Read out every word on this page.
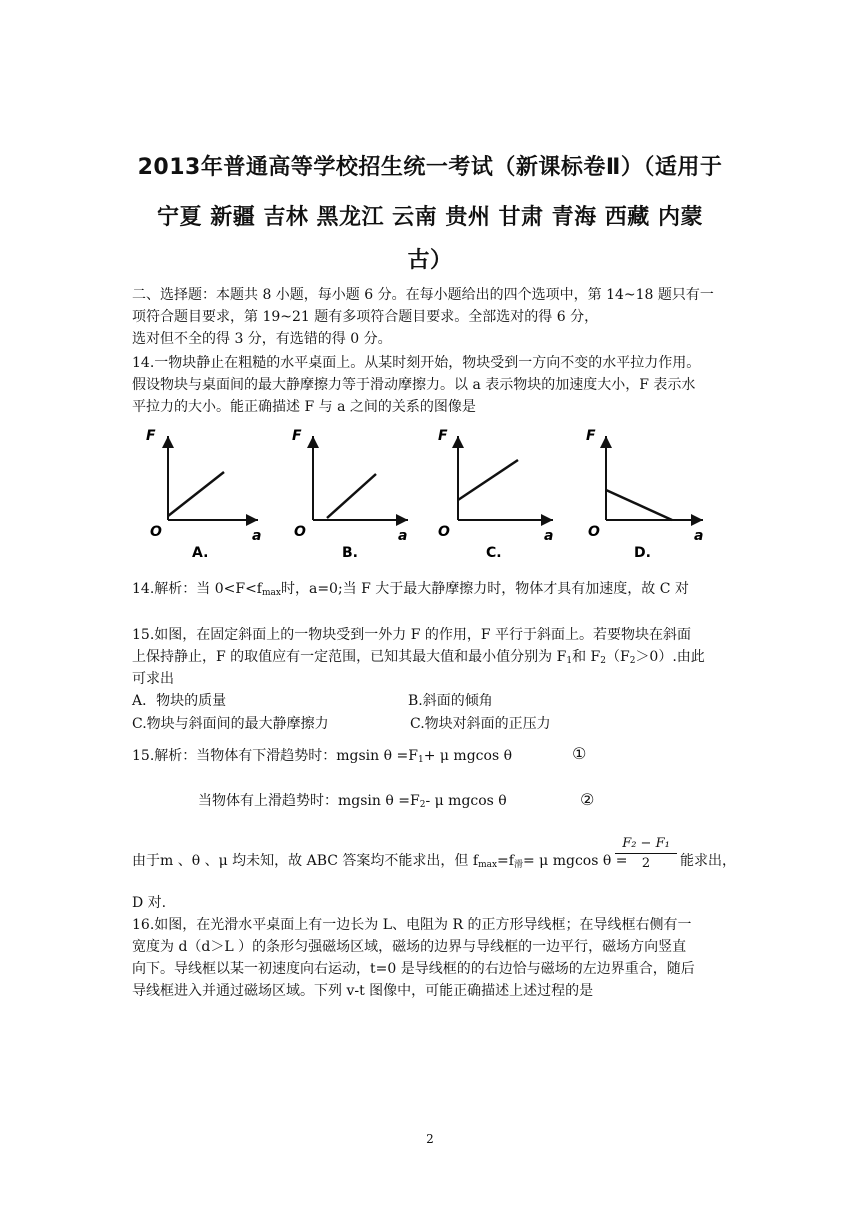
2013年普通高等学校招生统一考试（新课标卷Ⅱ）（适用于
宁夏 新疆 吉林 黑龙江 云南 贵州 甘肃 青海 西藏 内蒙
古）
二、选择题：本题共 8 小题，每小题 6 分。在每小题给出的四个选项中，第 14~18 题只有一
项符合题目要求，第 19~21 题有多项符合题目要求。全部选对的得 6 分，
选对但不全的得 3 分，有选错的得 0 分。
14.一物块静止在粗糙的水平桌面上。从某时刻开始，物块受到一方向不变的水平拉力作用。
假设物块与桌面间的最大静摩擦力等于滑动摩擦力。以 a 表示物块的加速度大小，F 表示水
平拉力的大小。能正确描述 F 与 a 之间的关系的图像是
F
O	a
A.
F
O	a
B.
F
O	a
C.
F
O	a
D.
14.解析：当 $0<F<f_{max}$时，a=0;当 F 大于最大静摩擦力时，物体才具有加速度，故 C 对
15.如图，在固定斜面上的一物块受到一外力 F 的作用，F 平行于斜面上。若要物块在斜面
上保持静止，F 的取值应有一定范围，已知其最大值和最小值分别为 $F_1$和 $F_2(F_2>0)$.由此
可求出
A．物块的质量	B.斜面的倾角
C.物块与斜面间的最大静摩擦力	C.物块对斜面的正压力
15.解析：当物体有下滑趋势时：mgsin $\theta =F_1+ \mu$ mgcos θ	①
当物体有上滑趋势时：mgsin $\theta =F_2-$ μ mgcos θ	②
由于m 、θ 、μ 均未知，故 ABC 答案均不能求出，但 $f_{max}=f_滑= \mu$ mgcos θ =
F₂ − F₁
2	能求出，
D 对.
16.如图，在光滑水平桌面上有一边长为 L、电阻为 R 的正方形导线框；在导线框右侧有一
宽度为 d（d＞L ）的条形匀强磁场区域，磁场的边界与导线框的一边平行，磁场方向竖直
向下。导线框以某一初速度向右运动，t=0 是导线框的的右边恰与磁场的左边界重合，随后
导线框进入并通过磁场区域。下列 v-t 图像中，可能正确描述上述过程的是
2
